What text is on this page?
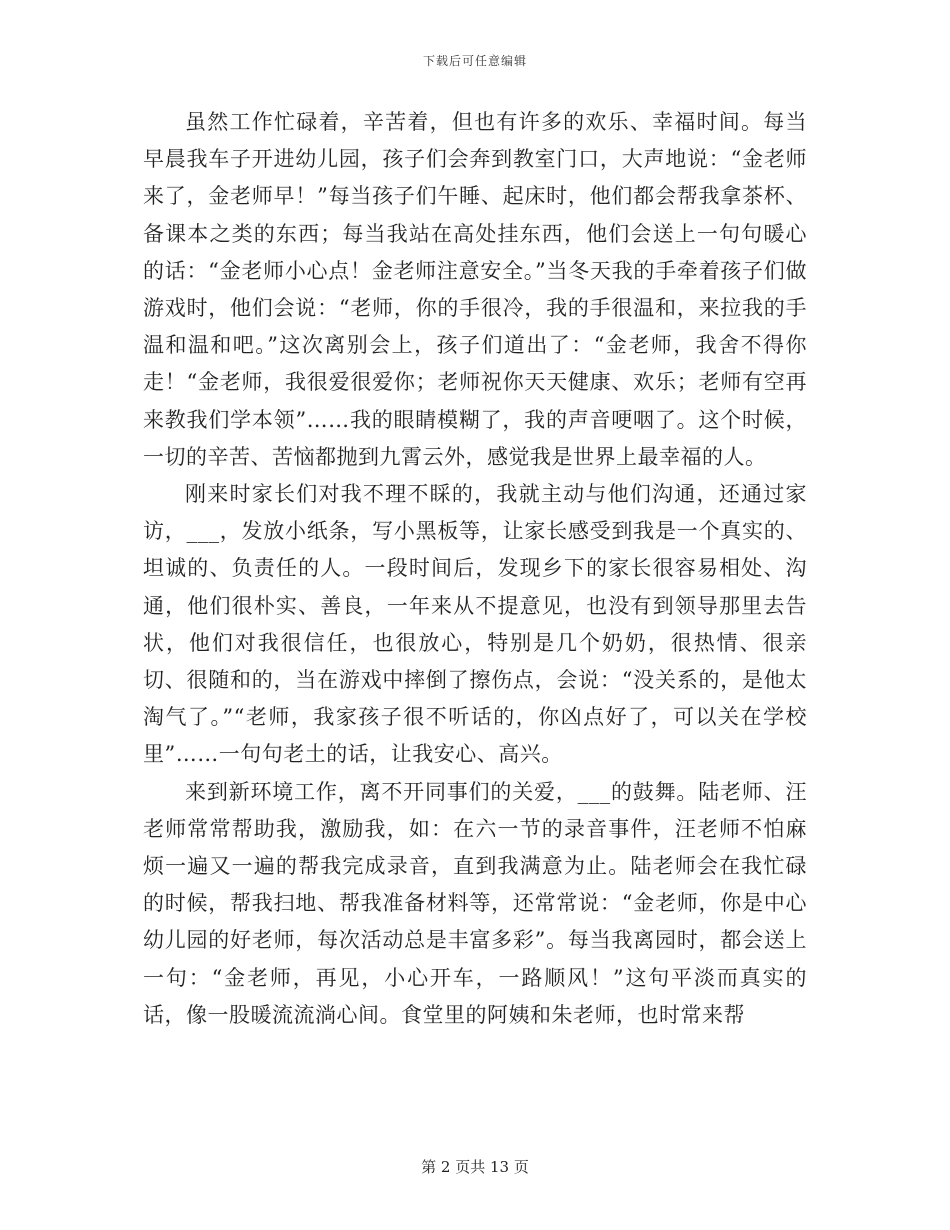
下载后可任意编辑

虽然工作忙碌着，辛苦着，但也有许多的欢乐、幸福时间。每当早晨我车子开进幼儿园，孩子们会奔到教室门口，大声地说：“金老师来了，金老师早！”每当孩子们午睡、起床时，他们都会帮我拿茶杯、备课本之类的东西；每当我站在高处挂东西，他们会送上一句句暖心的话：“金老师小心点！金老师注意安全。”当冬天我的手牵着孩子们做游戏时，他们会说：“老师，你的手很冷，我的手很温和，来拉我的手温和温和吧。”这次离别会上，孩子们道出了：“金老师，我舍不得你走！“金老师，我很爱很爱你；老师祝你天天健康、欢乐；老师有空再来教我们学本领”……我的眼睛模糊了，我的声音哽咽了。这个时候，一切的辛苦、苦恼都抛到九霄云外，感觉我是世界上最幸福的人。

刚来时家长们对我不理不睬的，我就主动与他们沟通，还通过家访，___，发放小纸条，写小黑板等，让家长感受到我是一个真实的、坦诚的、负责任的人。一段时间后，发现乡下的家长很容易相处、沟通，他们很朴实、善良，一年来从不提意见，也没有到领导那里去告状，他们对我很信任，也很放心，特别是几个奶奶，很热情、很亲切、很随和的，当在游戏中摔倒了擦伤点，会说：“没关系的，是他太淘气了。”“老师，我家孩子很不听话的，你凶点好了，可以关在学校里”……一句句老土的话，让我安心、高兴。

来到新环境工作，离不开同事们的关爱，___的鼓舞。陆老师、汪老师常常帮助我，激励我，如：在六一节的录音事件，汪老师不怕麻烦一遍又一遍的帮我完成录音，直到我满意为止。陆老师会在我忙碌的时候，帮我扫地、帮我准备材料等，还常常说：“金老师，你是中心幼儿园的好老师，每次活动总是丰富多彩”。每当我离园时，都会送上一句：“金老师，再见，小心开车，一路顺风！”这句平淡而真实的话，像一股暖流流淌心间。食堂里的阿姨和朱老师，也时常来帮

第 2 页共 13 页
